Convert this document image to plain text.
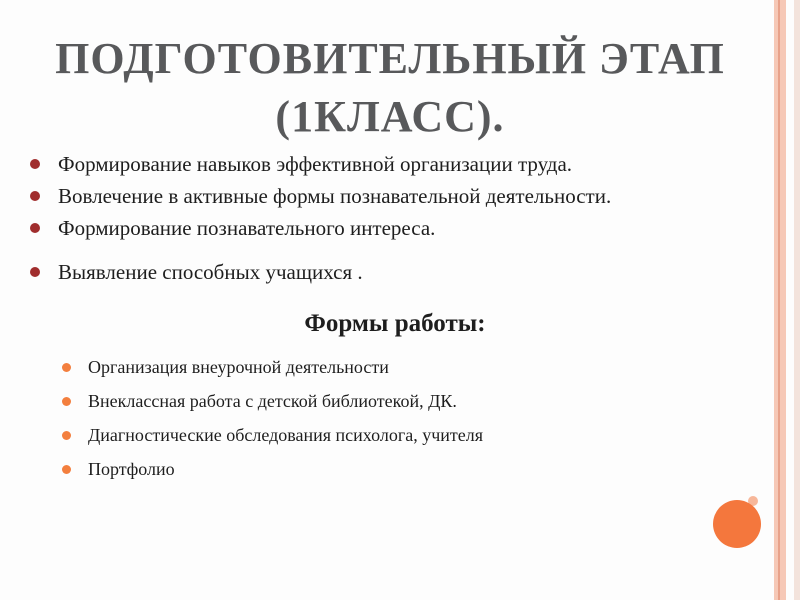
ПОДГОТОВИТЕЛЬНЫЙ ЭТАП
(1КЛАСС).
Формирование навыков эффективной организации труда.
Вовлечение в активные формы познавательной деятельности.
Формирование познавательного интереса.
Выявление способных учащихся .
Формы работы:
Организация внеурочной деятельности
Внеклассная работа с детской библиотекой, ДК.
Диагностические обследования психолога, учителя
Портфолио
